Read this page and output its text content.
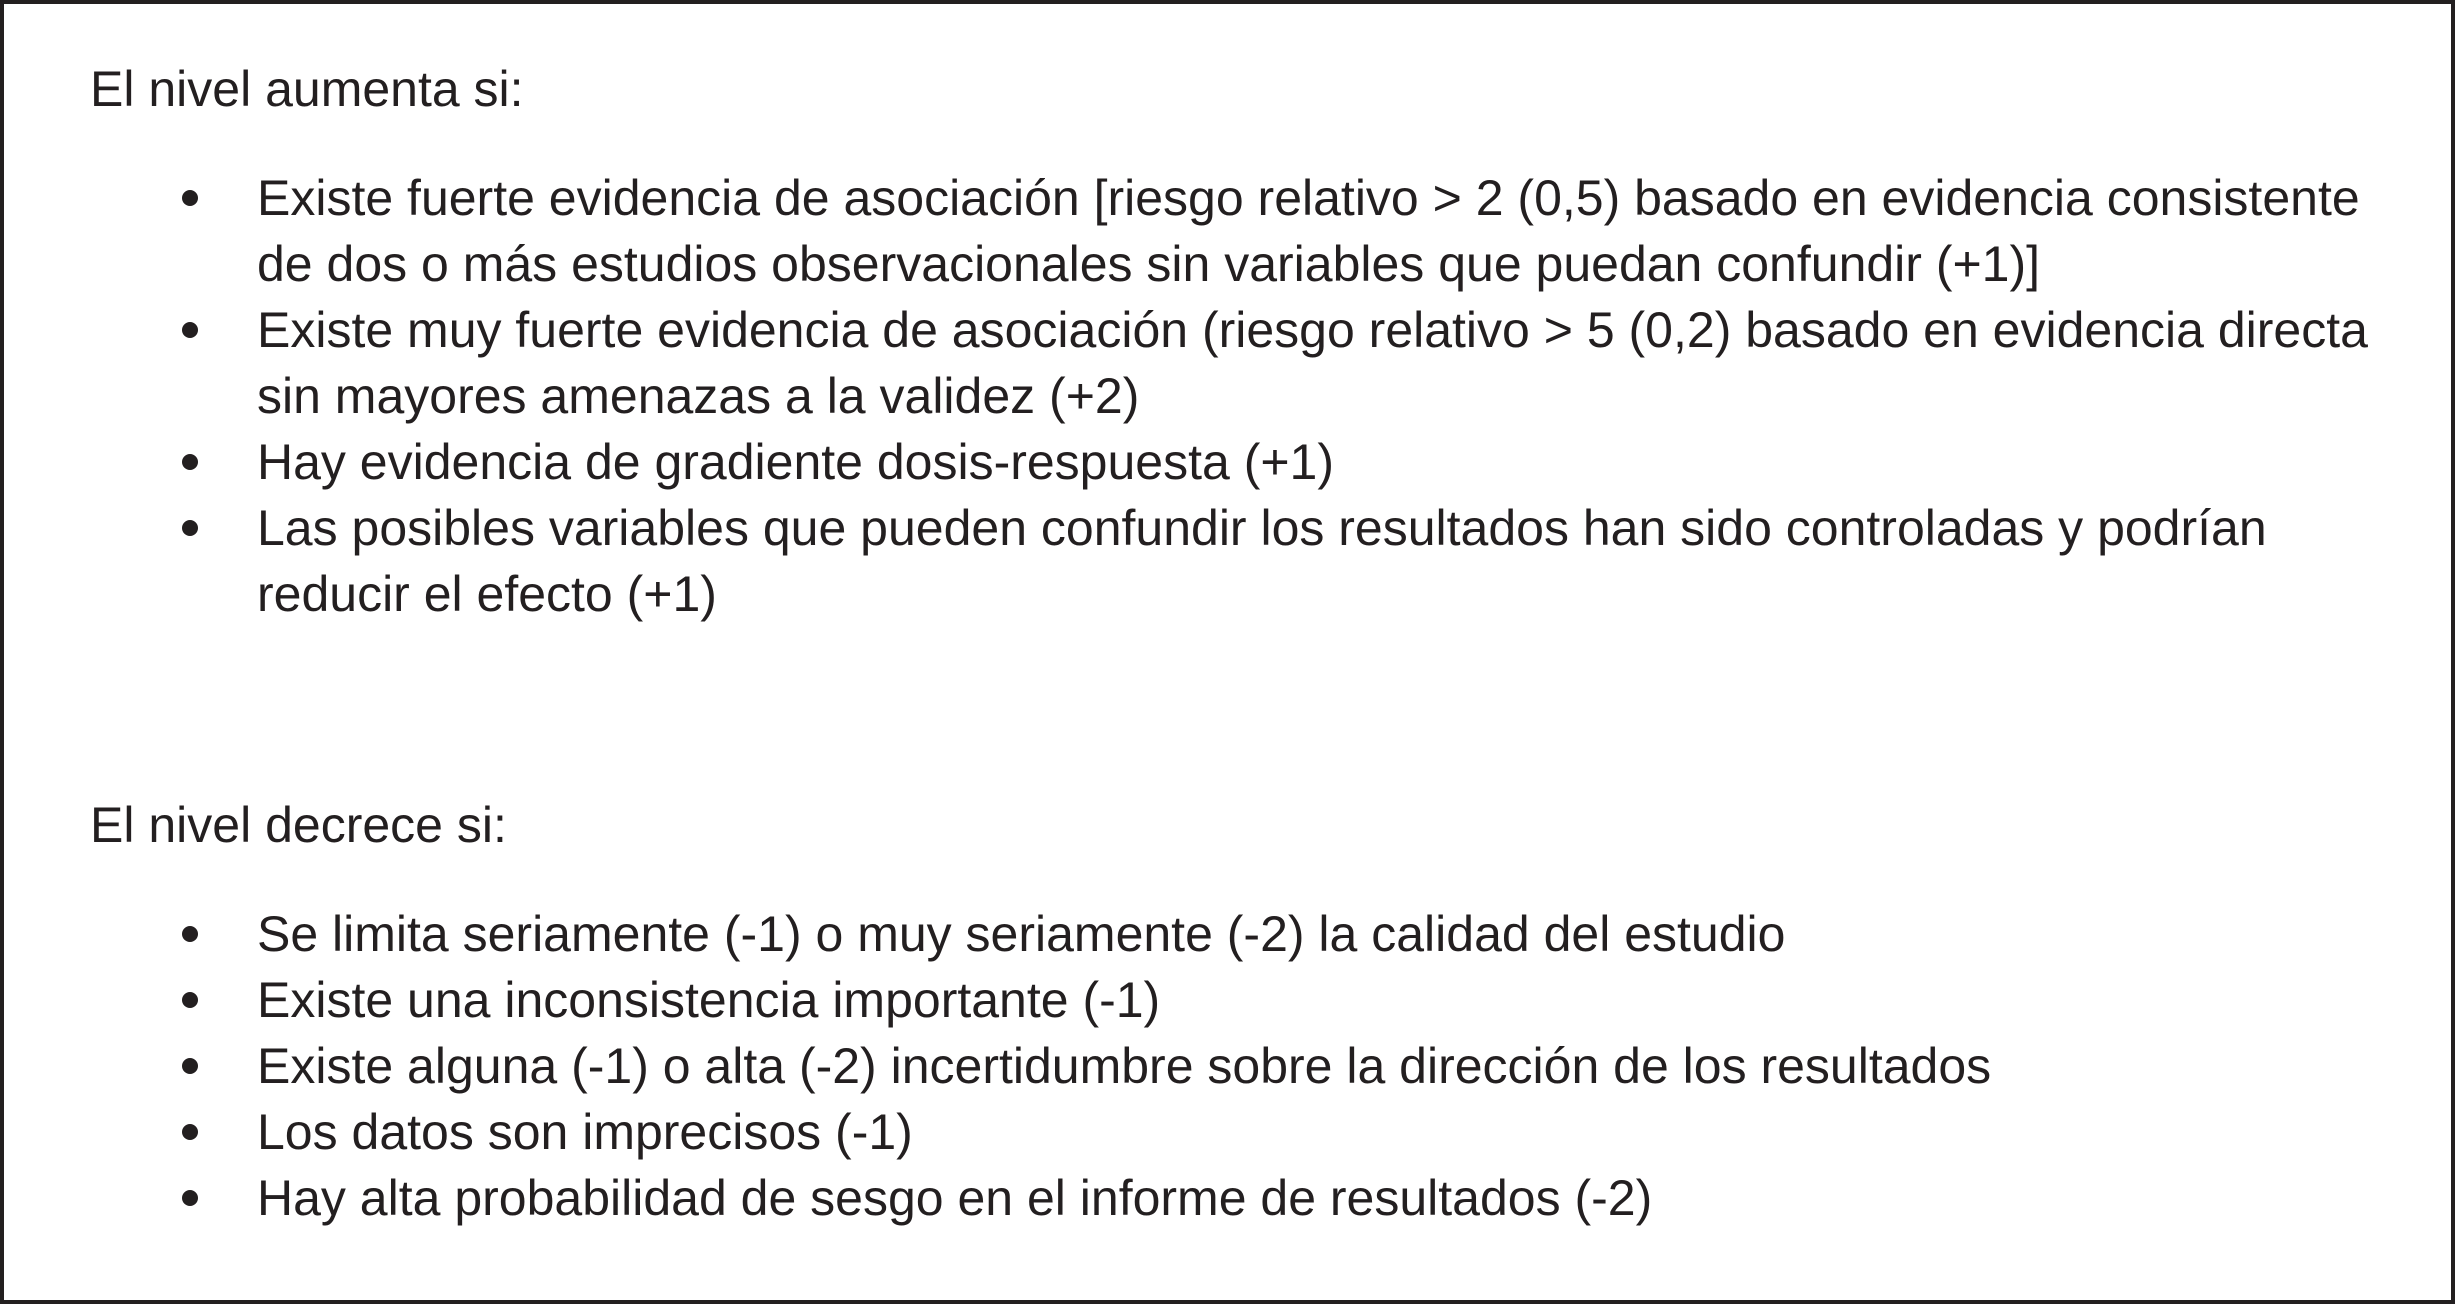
El nivel aumenta si:

Existe fuerte evidencia de asociación [riesgo relativo > 2 (0,5) basado en evidencia consistente de dos o más estudios observacionales sin variables que puedan confundir (+1)]
Existe muy fuerte evidencia de asociación (riesgo relativo > 5 (0,2) basado en evidencia directa sin mayores amenazas a la validez (+2)
Hay evidencia de gradiente dosis-respuesta (+1)
Las posibles variables que pueden confundir los resultados han sido controladas y podrían reducir el efecto (+1)

El nivel decrece si:

Se limita seriamente (-1) o muy seriamente (-2) la calidad del estudio
Existe una inconsistencia importante (-1)
Existe alguna (-1) o alta (-2) incertidumbre sobre la dirección de los resultados
Los datos son imprecisos (-1)
Hay alta probabilidad de sesgo en el informe de resultados (-2)
